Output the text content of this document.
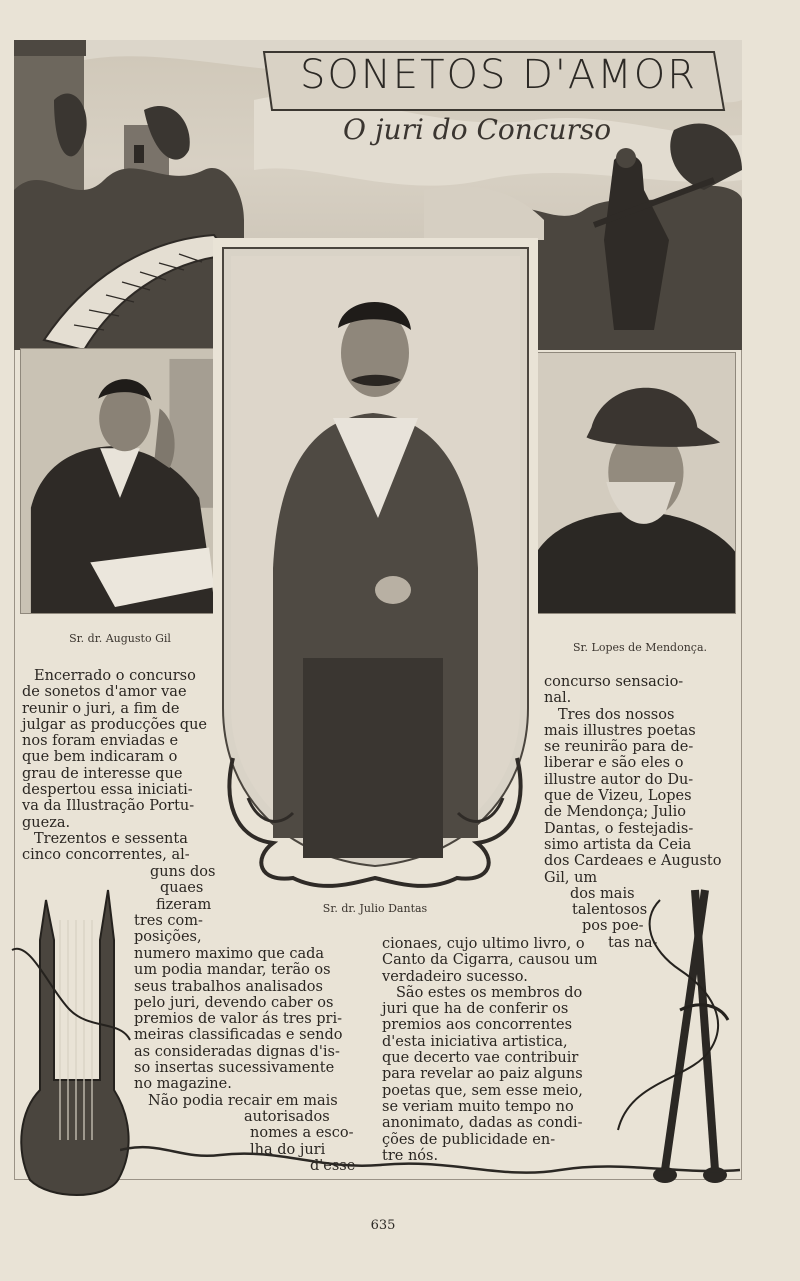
SONETOS D'AMOR
O juri do Concurso
Sr. dr. Augusto Gil
Sr. Lopes de Mendonça.
Sr. dr. Julio Dantas
Encerrado o concurso
de sonetos d'amor vae
reunir o juri, a fim de
julgar as producções que
nos foram enviadas e
que bem indicaram o
grau de interesse que
despertou essa iniciati-
va da Illustração Portu-
gueza.
Trezentos e sessenta
cinco concorrentes, al-
guns dos
quaes
fizeram
tres com-
posições,
numero maximo que cada
um podia mandar, terão os
seus trabalhos analisados
pelo juri, devendo caber os
premios de valor ás tres pri-
meiras classificadas e sendo
as consideradas dignas d'is-
so insertas sucessivamente
no magazine.
Não podia recair em mais
autorisados
nomes a esco-
lha do juri
d'esse
concurso sensacio-
nal.
Tres dos nossos
mais illustres poetas
se reunirão para de-
liberar e são eles o
illustre autor do Du-
que de Vizeu, Lopes
de Mendonça; Julio
Dantas, o festejadis-
simo artista da Ceia
dos Cardeaes e Augusto
Gil, um
dos mais
talentosos
pos poe-
tas na-
cionaes, cujo ultimo livro, o
Canto da Cigarra, causou um
verdadeiro sucesso.
São estes os membros do
juri que ha de conferir os
premios aos concorrentes
d'esta iniciativa artistica,
que decerto vae contribuir
para revelar ao paiz alguns
poetas que, sem esse meio,
se veriam muito tempo no
anonimato, dadas as condi-
ções de publicidade en-
tre nós.
635
